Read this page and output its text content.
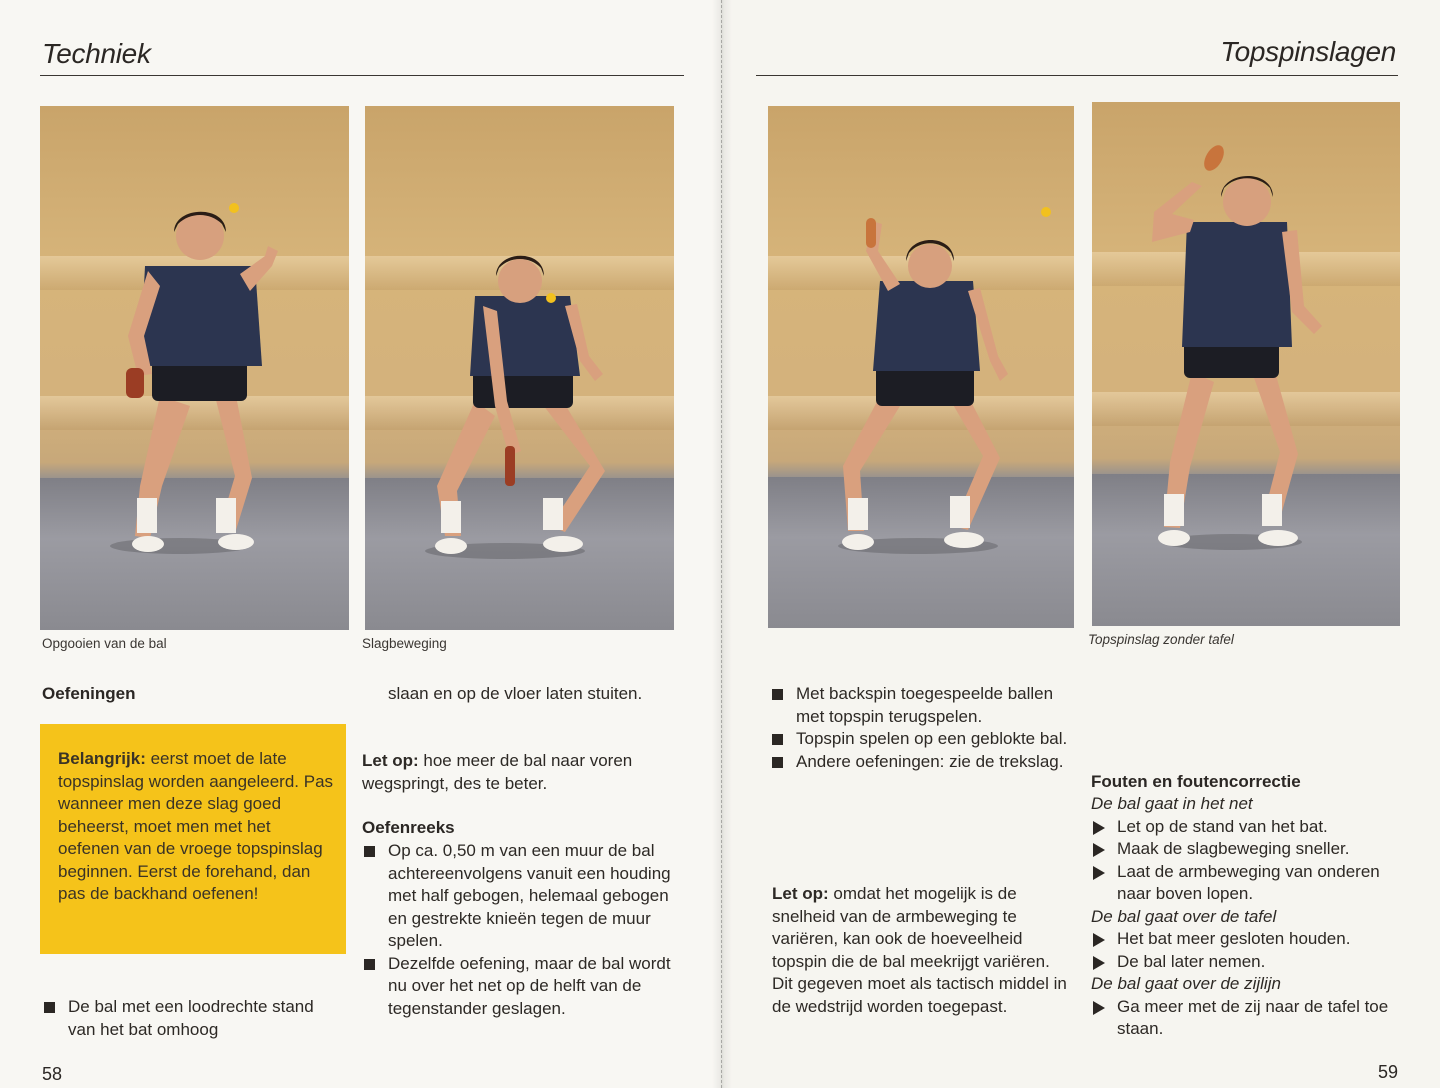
Techniek
Opgooien van de bal	Slagbeweging
Oefeningen
Belangrijk: eerst moet de late topspinslag worden aangeleerd. Pas wanneer men deze slag goed beheerst, moet men met het oefenen van de vroege topspinslag beginnen. Eerst de forehand, dan pas de backhand oefenen!
De bal met een loodrechte stand van het bat omhoog
slaan en op de vloer laten stuiten.
Let op: hoe meer de bal naar voren wegspringt, des te beter.
Oefenreeks
Op ca. 0,50 m van een muur de bal achtereenvolgens vanuit een houding met half gebogen, helemaal gebogen en gestrekte knieën tegen de muur spelen.
Dezelfde oefening, maar de bal wordt nu over het net op de helft van de tegenstander geslagen.
58
Topspinslagen
Topspinslag zonder tafel
Met backspin toegespeelde ballen met topspin terugspelen.
Topspin spelen op een geblokte bal.
Andere oefeningen: zie de trekslag.
Let op: omdat het mogelijk is de snelheid van de armbeweging te variëren, kan ook de hoeveelheid topspin die de bal meekrijgt variëren. Dit gegeven moet als tactisch middel in de wedstrijd worden toegepast.
Fouten en foutencorrectie
De bal gaat in het net
Let op de stand van het bat.
Maak de slagbeweging sneller.
Laat de armbeweging van onderen naar boven lopen.
De bal gaat over de tafel
Het bat meer gesloten houden.
De bal later nemen.
De bal gaat over de zijlijn
Ga meer met de zij naar de tafel toe staan.
59
